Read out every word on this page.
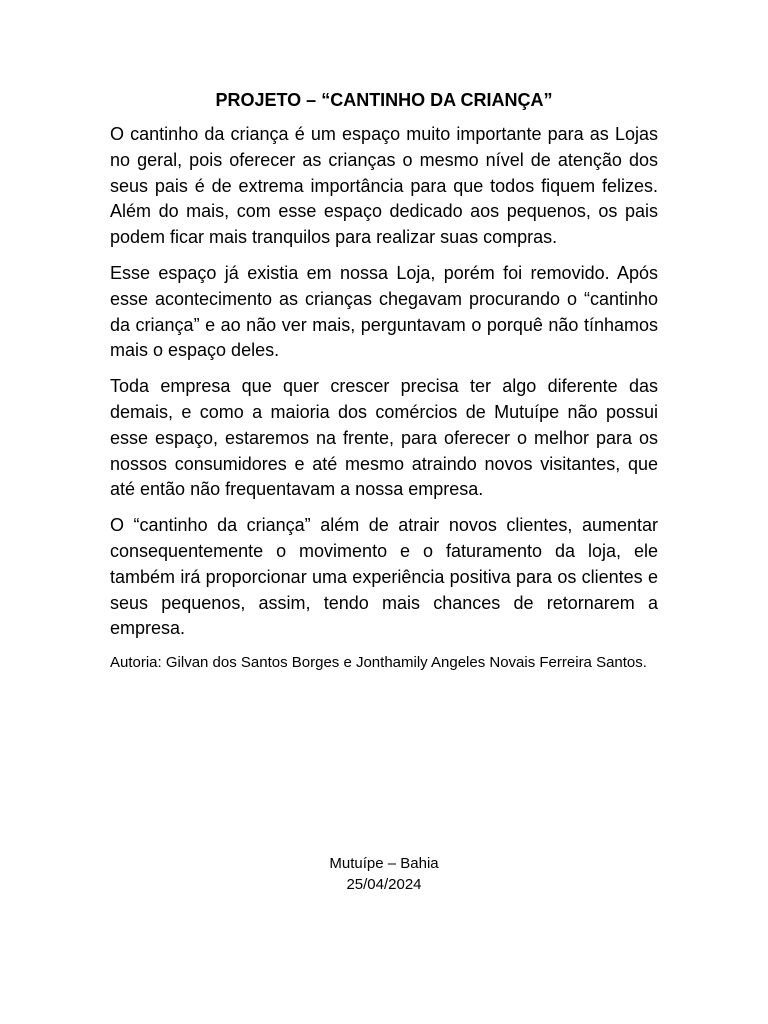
PROJETO – “CANTINHO DA CRIANÇA”

O cantinho da criança é um espaço muito importante para as Lojas no geral, pois oferecer as crianças o mesmo nível de atenção dos seus pais é de extrema importância para que todos fiquem felizes. Além do mais, com esse espaço dedicado aos pequenos, os pais podem ficar mais tranquilos para realizar suas compras.

Esse espaço já existia em nossa Loja, porém foi removido. Após esse acontecimento as crianças chegavam procurando o “cantinho da criança” e ao não ver mais, perguntavam o porquê não tínhamos mais o espaço deles.

Toda empresa que quer crescer precisa ter algo diferente das demais, e como a maioria dos comércios de Mutuípe não possui esse espaço, estaremos na frente, para oferecer o melhor para os nossos consumidores e até mesmo atraindo novos visitantes, que até então não frequentavam a nossa empresa.

O “cantinho da criança” além de atrair novos clientes, aumentar consequentemente o movimento e o faturamento da loja, ele também irá proporcionar uma experiência positiva para os clientes e seus pequenos, assim, tendo mais chances de retornarem a empresa.

Autoria: Gilvan dos Santos Borges e Jonthamily Angeles Novais Ferreira Santos.

Mutuípe – Bahia
25/04/2024
